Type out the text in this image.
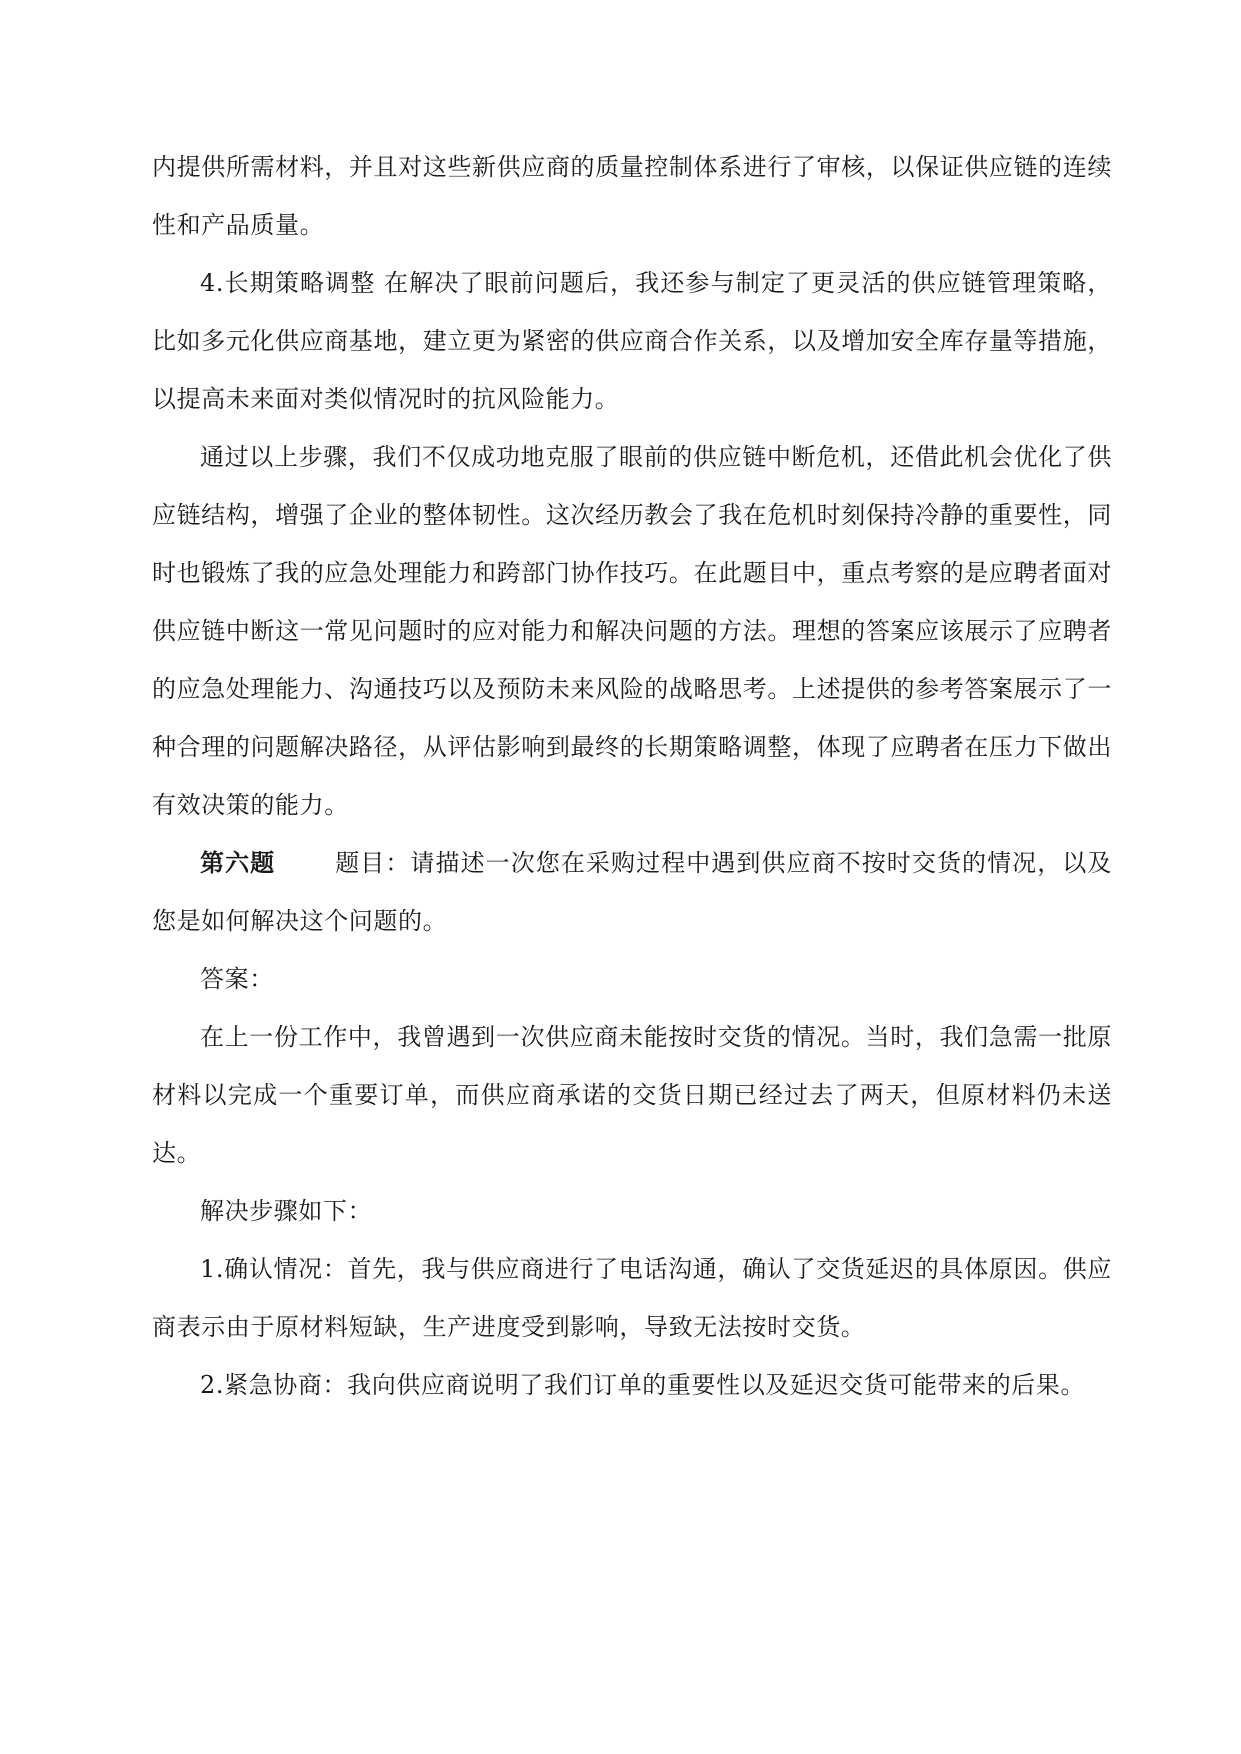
内提供所需材料，并且对这些新供应商的质量控制体系进行了审核，以保证供应链的连续性和产品质量。

4.长期策略调整 在解决了眼前问题后，我还参与制定了更灵活的供应链管理策略，比如多元化供应商基地，建立更为紧密的供应商合作关系，以及增加安全库存量等措施，以提高未来面对类似情况时的抗风险能力。

通过以上步骤，我们不仅成功地克服了眼前的供应链中断危机，还借此机会优化了供应链结构，增强了企业的整体韧性。这次经历教会了我在危机时刻保持冷静的重要性，同时也锻炼了我的应急处理能力和跨部门协作技巧。在此题目中，重点考察的是应聘者面对供应链中断这一常见问题时的应对能力和解决问题的方法。理想的答案应该展示了应聘者的应急处理能力、沟通技巧以及预防未来风险的战略思考。上述提供的参考答案展示了一种合理的问题解决路径，从评估影响到最终的长期策略调整，体现了应聘者在压力下做出有效决策的能力。

第六题	题目：请描述一次您在采购过程中遇到供应商不按时交货的情况，以及您是如何解决这个问题的。

答案：

在上一份工作中，我曾遇到一次供应商未能按时交货的情况。当时，我们急需一批原材料以完成一个重要订单，而供应商承诺的交货日期已经过去了两天，但原材料仍未送达。

解决步骤如下：

1.确认情况：首先，我与供应商进行了电话沟通，确认了交货延迟的具体原因。供应商表示由于原材料短缺，生产进度受到影响，导致无法按时交货。

2.紧急协商：我向供应商说明了我们订单的重要性以及延迟交货可能带来的后果。
